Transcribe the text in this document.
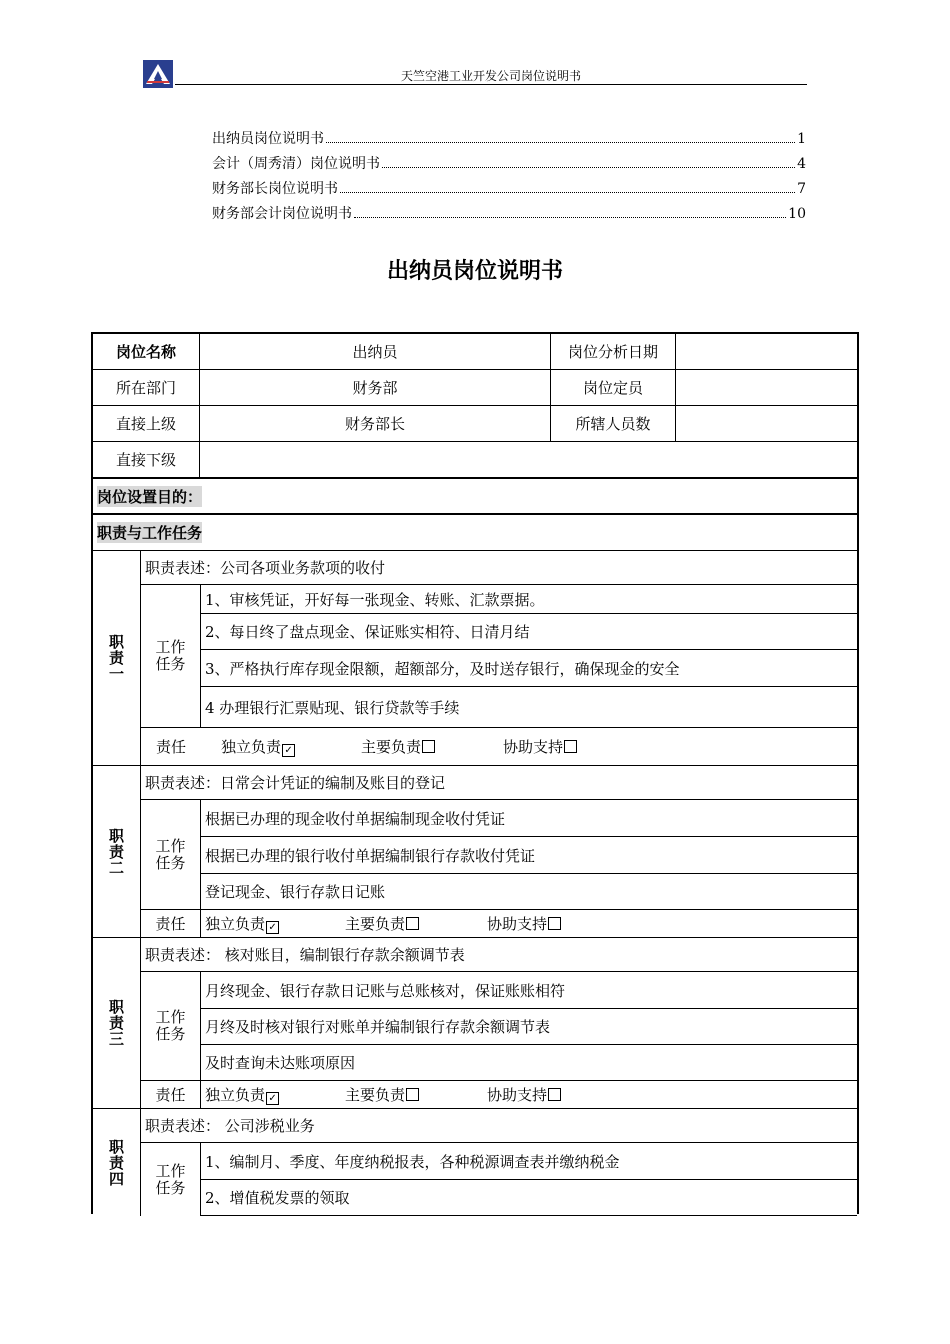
天竺空港工业开发公司岗位说明书
出纳员岗位说明书	1
会计（周秀清）岗位说明书	4
财务部长岗位说明书	7
财务部会计岗位说明书	10
出纳员岗位说明书
岗位名称	出纳员	岗位分析日期
所在部门	财务部	岗位定员
直接上级	财务部长	所辖人员数
直接下级
岗位设置目的：
职责与工作任务
职责一
职责表述：公司各项业务款项的收付
工作
任务
1、审核凭证，开好每一张现金、转账、汇款票据。
2、每日终了盘点现金、保证账实相符、日清月结
3、严格执行库存现金限额，超额部分，及时送存银行，确保现金的安全
4 办理银行汇票贴现、银行贷款等手续
责任	独立负责 ✓	主要负责	协助支持
职责二
职责表述：日常会计凭证的编制及账目的登记
工作
任务
根据已办理的现金收付单据编制现金收付凭证
根据已办理的银行收付单据编制银行存款收付凭证
登记现金、银行存款日记账
责任	独立负责 ✓	主要负责	协助支持
职责三
职责表述： 核对账目，编制银行存款余额调节表
工作
任务
月终现金、银行存款日记账与总账核对，保证账账相符
月终及时核对银行对账单并编制银行存款余额调节表
及时查询未达账项原因
责任	独立负责 ✓	主要负责	协助支持
职责四
职责表述： 公司涉税业务
工作
任务
1、编制月、季度、年度纳税报表，各种税源调查表并缴纳税金
2、增值税发票的领取
